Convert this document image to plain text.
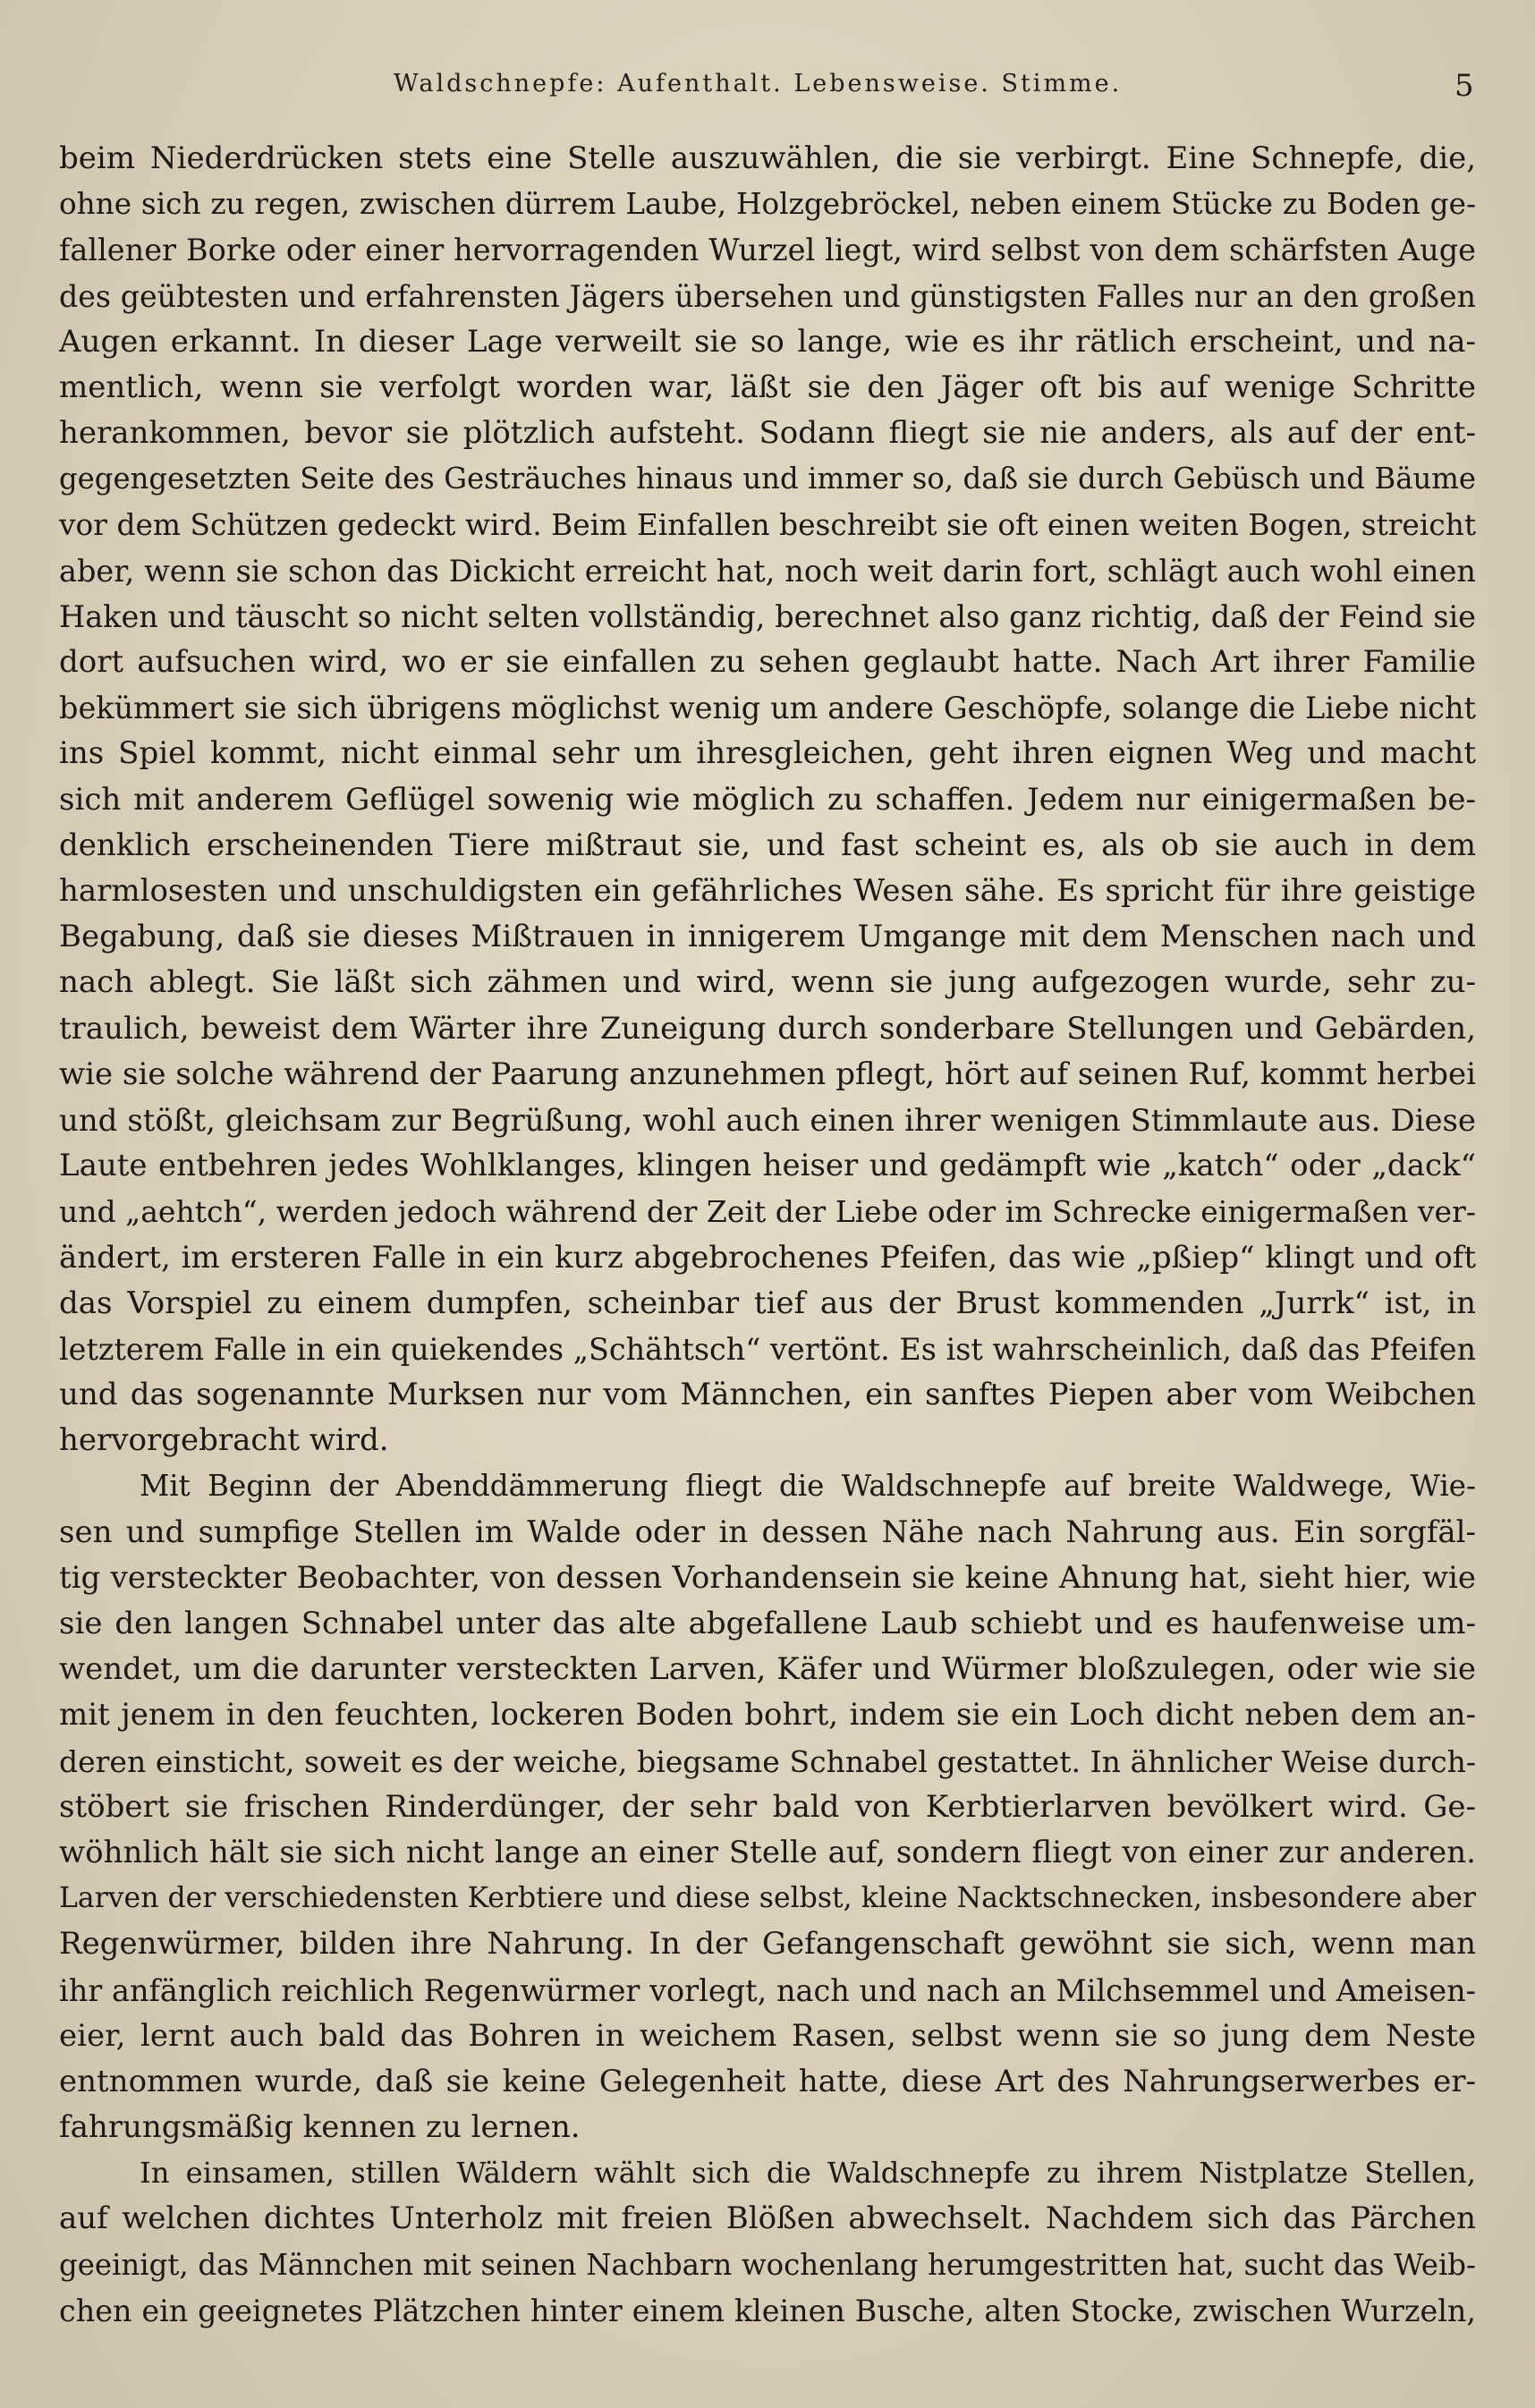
Waldschnepfe: Aufenthalt. Lebensweise. Stimme.	5
beim Niederdrücken stets eine Stelle auszuwählen, die sie verbirgt. Eine Schnepfe, die,
ohne sich zu regen, zwischen dürrem Laube, Holzgebröckel, neben einem Stücke zu Boden ge-
fallener Borke oder einer hervorragenden Wurzel liegt, wird selbst von dem schärfsten Auge
des geübtesten und erfahrensten Jägers übersehen und günstigsten Falles nur an den großen
Augen erkannt. In dieser Lage verweilt sie so lange, wie es ihr rätlich erscheint, und na-
mentlich, wenn sie verfolgt worden war, läßt sie den Jäger oft bis auf wenige Schritte
herankommen, bevor sie plötzlich aufsteht. Sodann fliegt sie nie anders, als auf der ent-
gegengesetzten Seite des Gesträuches hinaus und immer so, daß sie durch Gebüsch und Bäume
vor dem Schützen gedeckt wird. Beim Einfallen beschreibt sie oft einen weiten Bogen, streicht
aber, wenn sie schon das Dickicht erreicht hat, noch weit darin fort, schlägt auch wohl einen
Haken und täuscht so nicht selten vollständig, berechnet also ganz richtig, daß der Feind sie
dort aufsuchen wird, wo er sie einfallen zu sehen geglaubt hatte. Nach Art ihrer Familie
bekümmert sie sich übrigens möglichst wenig um andere Geschöpfe, solange die Liebe nicht
ins Spiel kommt, nicht einmal sehr um ihresgleichen, geht ihren eignen Weg und macht
sich mit anderem Geflügel sowenig wie möglich zu schaffen. Jedem nur einigermaßen be-
denklich erscheinenden Tiere mißtraut sie, und fast scheint es, als ob sie auch in dem
harmlosesten und unschuldigsten ein gefährliches Wesen sähe. Es spricht für ihre geistige
Begabung, daß sie dieses Mißtrauen in innigerem Umgange mit dem Menschen nach und
nach ablegt. Sie läßt sich zähmen und wird, wenn sie jung aufgezogen wurde, sehr zu-
traulich, beweist dem Wärter ihre Zuneigung durch sonderbare Stellungen und Gebärden,
wie sie solche während der Paarung anzunehmen pflegt, hört auf seinen Ruf, kommt herbei
und stößt, gleichsam zur Begrüßung, wohl auch einen ihrer wenigen Stimmlaute aus. Diese
Laute entbehren jedes Wohlklanges, klingen heiser und gedämpft wie „katch“ oder „dack“
und „aehtch“, werden jedoch während der Zeit der Liebe oder im Schrecke einigermaßen ver-
ändert, im ersteren Falle in ein kurz abgebrochenes Pfeifen, das wie „pßiep“ klingt und oft
das Vorspiel zu einem dumpfen, scheinbar tief aus der Brust kommenden „Jurrk“ ist, in
letzterem Falle in ein quiekendes „Schähtsch“ vertönt. Es ist wahrscheinlich, daß das Pfeifen
und das sogenannte Murksen nur vom Männchen, ein sanftes Piepen aber vom Weibchen
hervorgebracht wird.
Mit Beginn der Abenddämmerung fliegt die Waldschnepfe auf breite Waldwege, Wie-
sen und sumpfige Stellen im Walde oder in dessen Nähe nach Nahrung aus. Ein sorgfäl-
tig versteckter Beobachter, von dessen Vorhandensein sie keine Ahnung hat, sieht hier, wie
sie den langen Schnabel unter das alte abgefallene Laub schiebt und es haufenweise um-
wendet, um die darunter versteckten Larven, Käfer und Würmer bloßzulegen, oder wie sie
mit jenem in den feuchten, lockeren Boden bohrt, indem sie ein Loch dicht neben dem an-
deren einsticht, soweit es der weiche, biegsame Schnabel gestattet. In ähnlicher Weise durch-
stöbert sie frischen Rinderdünger, der sehr bald von Kerbtierlarven bevölkert wird. Ge-
wöhnlich hält sie sich nicht lange an einer Stelle auf, sondern fliegt von einer zur anderen.
Larven der verschiedensten Kerbtiere und diese selbst, kleine Nacktschnecken, insbesondere aber
Regenwürmer, bilden ihre Nahrung. In der Gefangenschaft gewöhnt sie sich, wenn man
ihr anfänglich reichlich Regenwürmer vorlegt, nach und nach an Milchsemmel und Ameisen-
eier, lernt auch bald das Bohren in weichem Rasen, selbst wenn sie so jung dem Neste
entnommen wurde, daß sie keine Gelegenheit hatte, diese Art des Nahrungserwerbes er-
fahrungsmäßig kennen zu lernen.
In einsamen, stillen Wäldern wählt sich die Waldschnepfe zu ihrem Nistplatze Stellen,
auf welchen dichtes Unterholz mit freien Blößen abwechselt. Nachdem sich das Pärchen
geeinigt, das Männchen mit seinen Nachbarn wochenlang herumgestritten hat, sucht das Weib-
chen ein geeignetes Plätzchen hinter einem kleinen Busche, alten Stocke, zwischen Wurzeln,
